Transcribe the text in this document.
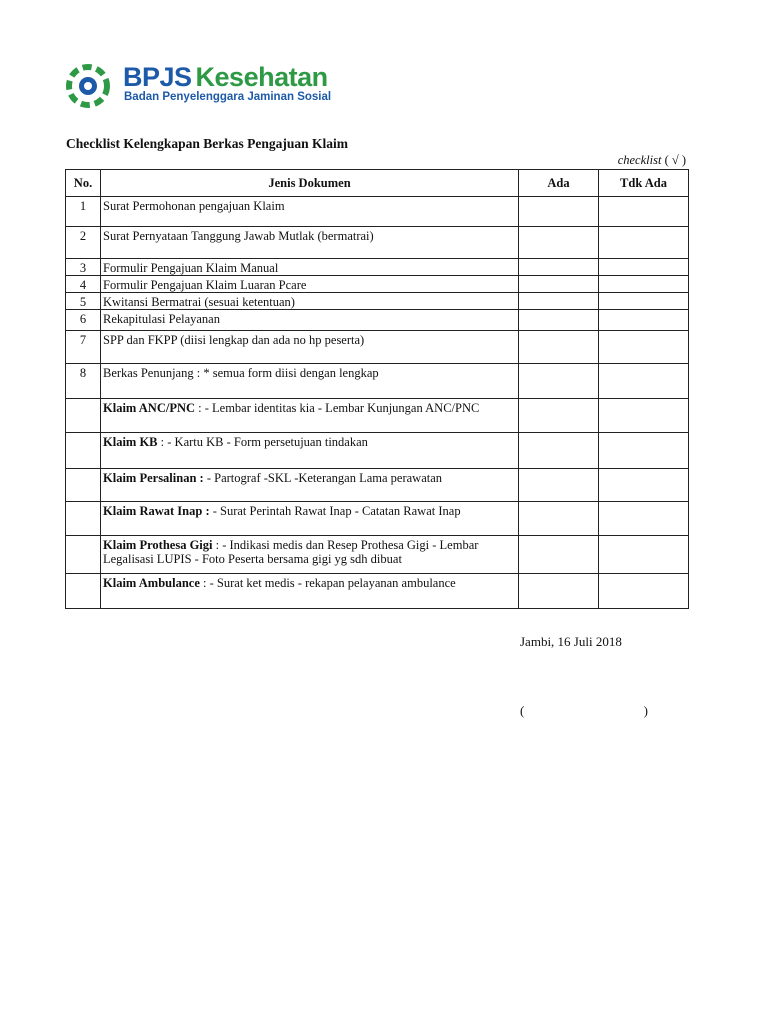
BPJS Kesehatan
Badan Penyelenggara Jaminan Sosial
Checklist Kelengkapan Berkas Pengajuan Klaim
checklist ( √ )
No.	Jenis Dokumen	Ada	Tdk Ada
1	Surat Permohonan pengajuan Klaim		
2	Surat Pernyataan Tanggung Jawab Mutlak (bermatrai)		
3	Formulir Pengajuan Klaim Manual		
4	Formulir Pengajuan Klaim Luaran Pcare		
5	Kwitansi Bermatrai (sesuai ketentuan)		
6	Rekapitulasi Pelayanan		
7	SPP dan FKPP (diisi lengkap dan ada no hp peserta)		
8	Berkas Penunjang : * semua form diisi dengan lengkap		
	Klaim ANC/PNC : - Lembar identitas kia - Lembar Kunjungan ANC/PNC		
	Klaim KB : - Kartu KB - Form persetujuan tindakan		
	Klaim Persalinan : - Partograf -SKL -Keterangan Lama perawatan		
	Klaim Rawat Inap : - Surat Perintah Rawat Inap - Catatan Rawat Inap		
	Klaim Prothesa Gigi : - Indikasi medis dan Resep Prothesa Gigi - Lembar Legalisasi LUPIS - Foto Peserta bersama gigi yg sdh dibuat		
	Klaim Ambulance : - Surat ket medis - rekapan pelayanan ambulance		
Jambi, 16 Juli 2018
(	)
